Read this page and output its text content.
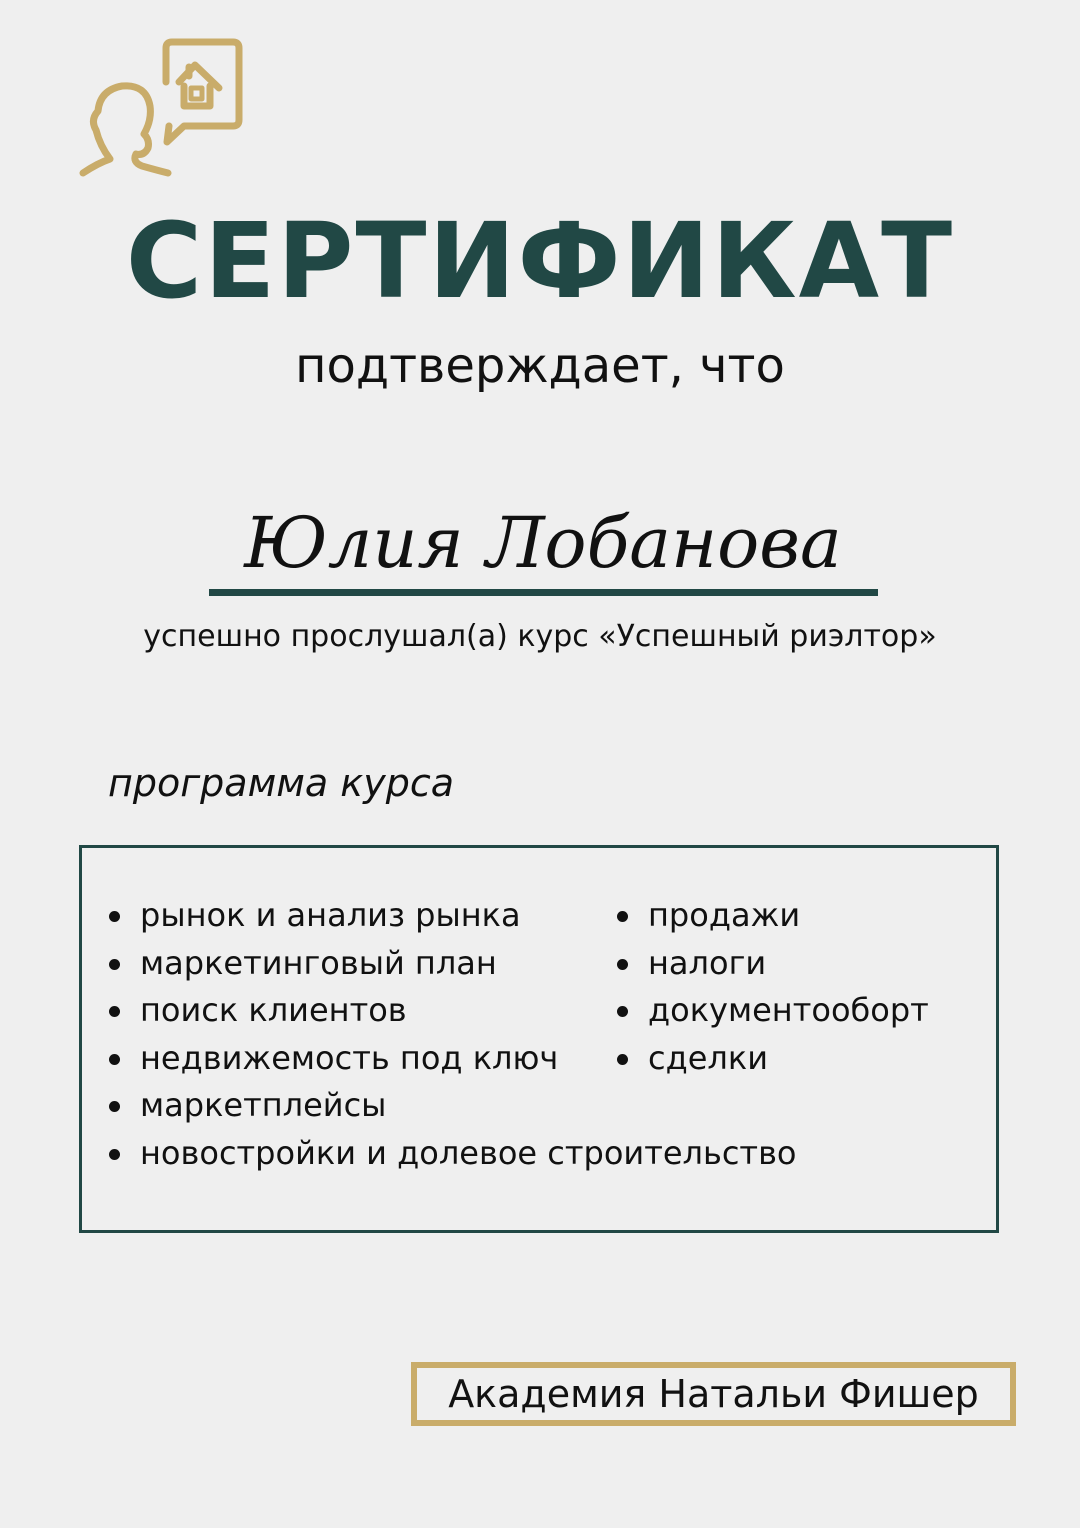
СЕРТИФИКАТ
подтверждает, что
Юлия Лобанова
успешно прослушал(а) курс «Успешный риэлтор»
программа курса
рынок и анализ рынка
маркетинговый план
поиск клиентов
недвижемость под ключ
маркетплейсы
новостройки и долевое строительство
продажи
налоги
документооборт
сделки
Академия Натальи Фишер
